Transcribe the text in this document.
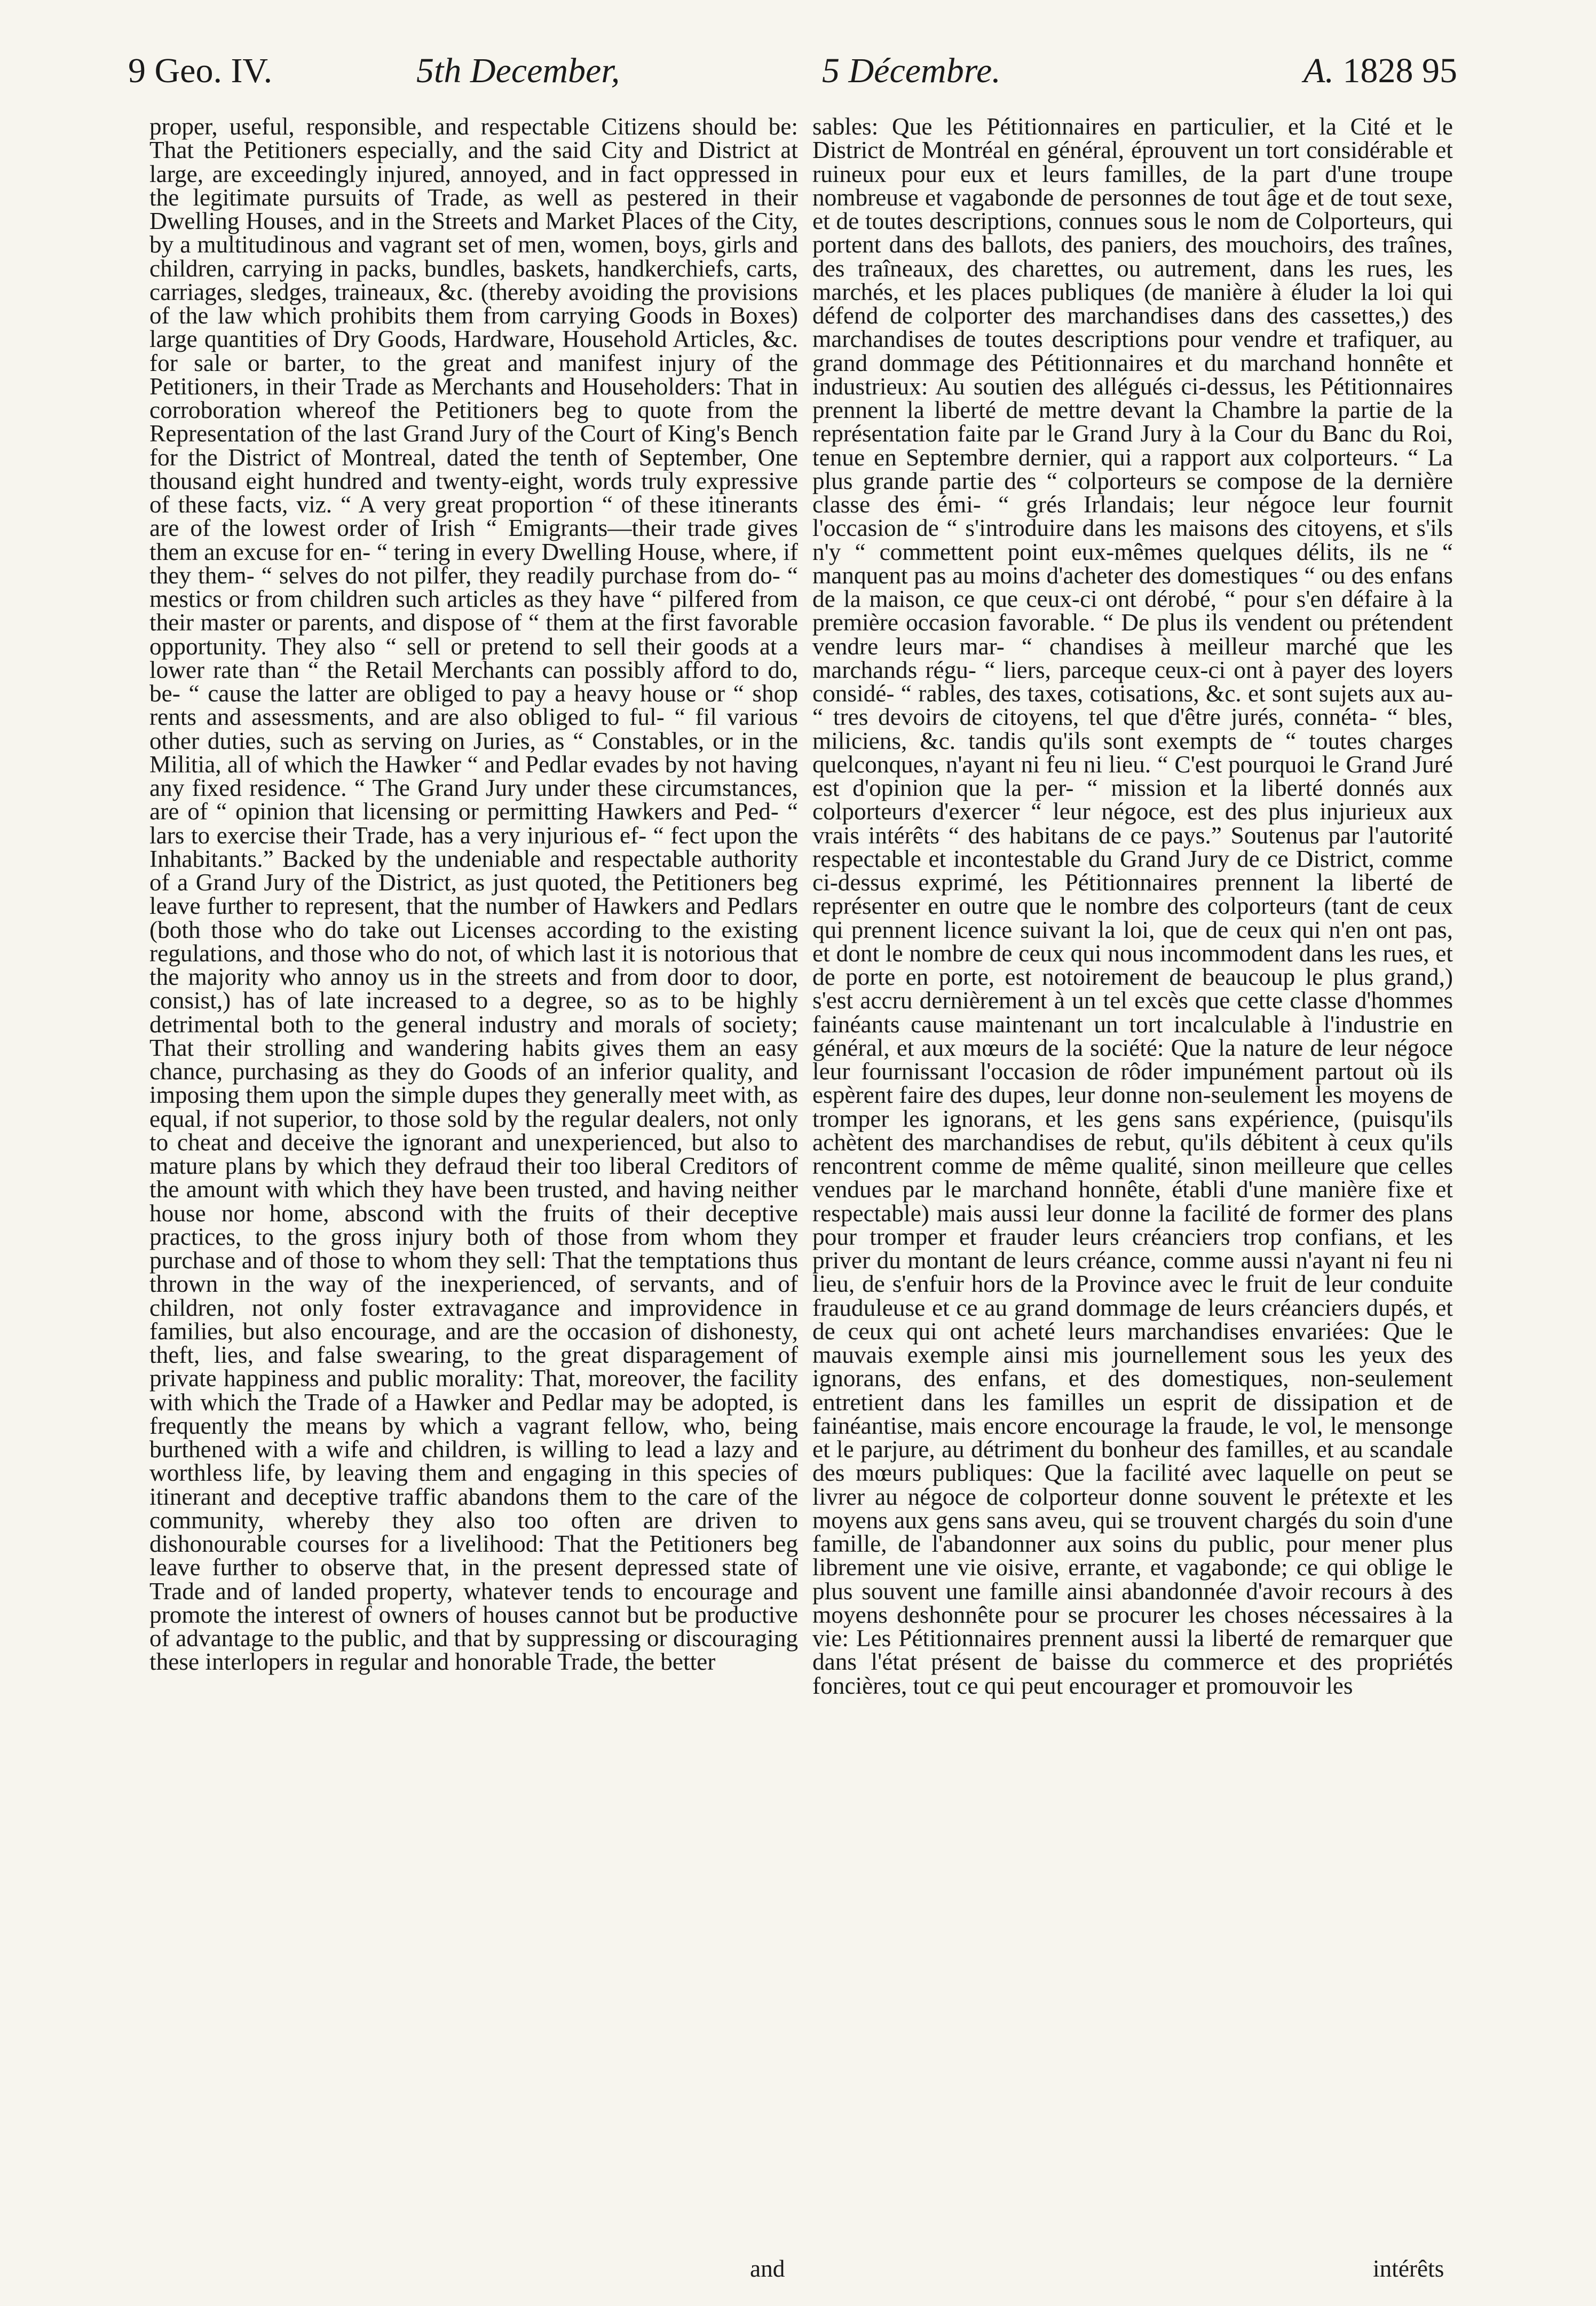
9 Geo. IV.	5th December,	5 Décembre.	A. 1828 95

proper, useful, responsible, and respectable Citizens should be: That the Petitioners especially, and the said City and District at large, are exceedingly injured, annoyed, and in fact oppressed in the legitimate pursuits of Trade, as well as pestered in their Dwelling Houses, and in the Streets and Market Places of the City, by a multitudinous and vagrant set of men, women, boys, girls and children, carrying in packs, bundles, baskets, handkerchiefs, carts, carriages, sledges, traineaux, &c. (thereby avoiding the provisions of the law which prohibits them from carrying Goods in Boxes) large quantities of Dry Goods, Hardware, Household Articles, &c. for sale or barter, to the great and manifest injury of the Petitioners, in their Trade as Merchants and Householders: That in corroboration whereof the Petitioners beg to quote from the Representation of the last Grand Jury of the Court of King's Bench for the District of Montreal, dated the tenth of September, One thousand eight hundred and twenty-eight, words truly expressive of these facts, viz. “ A very great proportion “ of these itinerants are of the lowest order of Irish “ Emigrants—their trade gives them an excuse for en- “ tering in every Dwelling House, where, if they them- “ selves do not pilfer, they readily purchase from do- “ mestics or from children such articles as they have “ pilfered from their master or parents, and dispose of “ them at the first favorable opportunity. They also “ sell or pretend to sell their goods at a lower rate than “ the Retail Merchants can possibly afford to do, be- “ cause the latter are obliged to pay a heavy house or “ shop rents and assessments, and are also obliged to ful- “ fil various other duties, such as serving on Juries, as “ Constables, or in the Militia, all of which the Hawker “ and Pedlar evades by not having any fixed residence. “ The Grand Jury under these circumstances, are of “ opinion that licensing or permitting Hawkers and Ped- “ lars to exercise their Trade, has a very injurious ef- “ fect upon the Inhabitants.” Backed by the undeniable and respectable authority of a Grand Jury of the District, as just quoted, the Petitioners beg leave further to represent, that the number of Hawkers and Pedlars (both those who do take out Licenses according to the existing regulations, and those who do not, of which last it is notorious that the majority who annoy us in the streets and from door to door, consist,) has of late increased to a degree, so as to be highly detrimental both to the general industry and morals of society; That their strolling and wandering habits gives them an easy chance, purchasing as they do Goods of an inferior quality, and imposing them upon the simple dupes they generally meet with, as equal, if not superior, to those sold by the regular dealers, not only to cheat and deceive the ignorant and unexperienced, but also to mature plans by which they defraud their too liberal Creditors of the amount with which they have been trusted, and having neither house nor home, abscond with the fruits of their deceptive practices, to the gross injury both of those from whom they purchase and of those to whom they sell: That the temptations thus thrown in the way of the inexperienced, of servants, and of children, not only foster extravagance and improvidence in families, but also encourage, and are the occasion of dishonesty, theft, lies, and false swearing, to the great disparagement of private happiness and public morality: That, moreover, the facility with which the Trade of a Hawker and Pedlar may be adopted, is frequently the means by which a vagrant fellow, who, being burthened with a wife and children, is willing to lead a lazy and worthless life, by leaving them and engaging in this species of itinerant and deceptive traffic abandons them to the care of the community, whereby they also too often are driven to dishonourable courses for a livelihood: That the Petitioners beg leave further to observe that, in the present depressed state of Trade and of landed property, whatever tends to encourage and promote the interest of owners of houses cannot but be productive of advantage to the public, and that by suppressing or discouraging these interlopers in regular and honorable Trade, the better

and

sables: Que les Pétitionnaires en particulier, et la Cité et le District de Montréal en général, éprouvent un tort considérable et ruineux pour eux et leurs familles, de la part d'une troupe nombreuse et vagabonde de personnes de tout âge et de tout sexe, et de toutes descriptions, connues sous le nom de Colporteurs, qui portent dans des ballots, des paniers, des mouchoirs, des traînes, des traîneaux, des charettes, ou autrement, dans les rues, les marchés, et les places publiques (de manière à éluder la loi qui défend de colporter des marchandises dans des cassettes,) des marchandises de toutes descriptions pour vendre et trafiquer, au grand dommage des Pétitionnaires et du marchand honnête et industrieux: Au soutien des allégués ci-dessus, les Pétitionnaires prennent la liberté de mettre devant la Chambre la partie de la représentation faite par le Grand Jury à la Cour du Banc du Roi, tenue en Septembre dernier, qui a rapport aux colporteurs. “ La plus grande partie des “ colporteurs se compose de la dernière classe des émi- “ grés Irlandais; leur négoce leur fournit l'occasion de “ s'introduire dans les maisons des citoyens, et s'ils n'y “ commettent point eux-mêmes quelques délits, ils ne “ manquent pas au moins d'acheter des domestiques “ ou des enfans de la maison, ce que ceux-ci ont dérobé, “ pour s'en défaire à la première occasion favorable. “ De plus ils vendent ou prétendent vendre leurs mar- “ chandises à meilleur marché que les marchands régu- “ liers, parceque ceux-ci ont à payer des loyers considé- “ rables, des taxes, cotisations, &c. et sont sujets aux au- “ tres devoirs de citoyens, tel que d'être jurés, connéta- “ bles, miliciens, &c. tandis qu'ils sont exempts de “ toutes charges quelconques, n'ayant ni feu ni lieu. “ C'est pourquoi le Grand Juré est d'opinion que la per- “ mission et la liberté donnés aux colporteurs d'exercer “ leur négoce, est des plus injurieux aux vrais intérêts “ des habitans de ce pays.” Soutenus par l'autorité respectable et incontestable du Grand Jury de ce District, comme ci-dessus exprimé, les Pétitionnaires prennent la liberté de représenter en outre que le nombre des colporteurs (tant de ceux qui prennent licence suivant la loi, que de ceux qui n'en ont pas, et dont le nombre de ceux qui nous incommodent dans les rues, et de porte en porte, est notoirement de beaucoup le plus grand,) s'est accru dernièrement à un tel excès que cette classe d'hommes fainéants cause maintenant un tort incalculable à l'industrie en général, et aux mœurs de la société: Que la nature de leur négoce leur fournissant l'occasion de rôder impunément partout où ils espèrent faire des dupes, leur donne non-seulement les moyens de tromper les ignorans, et les gens sans expérience, (puisqu'ils achètent des marchandises de rebut, qu'ils débitent à ceux qu'ils rencontrent comme de même qualité, sinon meilleure que celles vendues par le marchand honnête, établi d'une manière fixe et respectable) mais aussi leur donne la facilité de former des plans pour tromper et frauder leurs créanciers trop confians, et les priver du montant de leurs créance, comme aussi n'ayant ni feu ni lieu, de s'enfuir hors de la Province avec le fruit de leur conduite frauduleuse et ce au grand dommage de leurs créanciers dupés, et de ceux qui ont acheté leurs marchandises envariées: Que le mauvais exemple ainsi mis journellement sous les yeux des ignorans, des enfans, et des domestiques, non-seulement entretient dans les familles un esprit de dissipation et de fainéantise, mais encore encourage la fraude, le vol, le mensonge et le parjure, au détriment du bonheur des familles, et au scandale des mœurs publiques: Que la facilité avec laquelle on peut se livrer au négoce de colporteur donne souvent le prétexte et les moyens aux gens sans aveu, qui se trouvent chargés du soin d'une famille, de l'abandonner aux soins du public, pour mener plus librement une vie oisive, errante, et vagabonde; ce qui oblige le plus souvent une famille ainsi abandonnée d'avoir recours à des moyens deshonnête pour se procurer les choses nécessaires à la vie: Les Pétitionnaires prennent aussi la liberté de remarquer que dans l'état présent de baisse du commerce et des propriétés foncières, tout ce qui peut encourager et promouvoir les

intérêts
